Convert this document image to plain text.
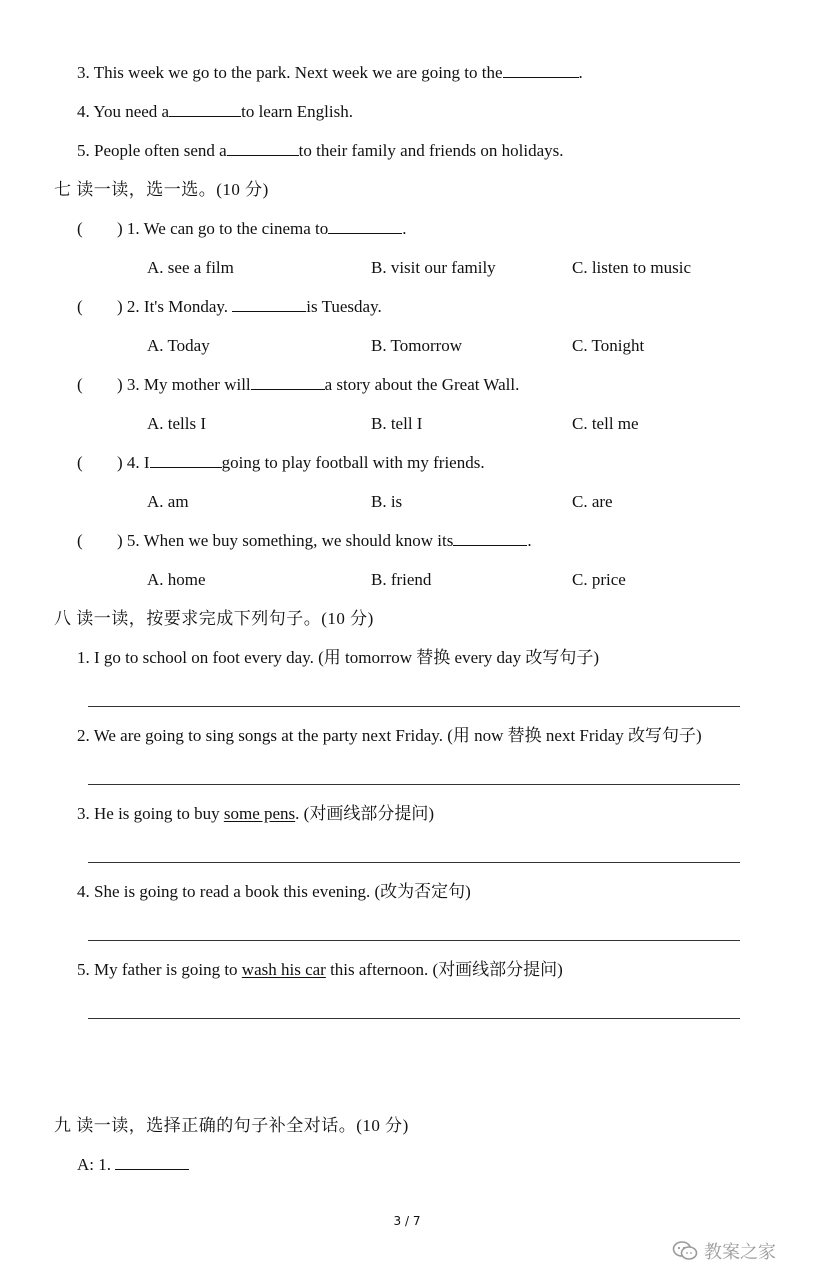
3. This week we go to the park. Next week we are going to the	.
4. You need a	to learn English.
5. People often send a	to their family and friends on holidays.
七 读一读，选一选。(10 分)
( ) 1. We can go to the cinema to	.
A. see a film	B. visit our family	C. listen to music
( ) 2. It's Monday.	is Tuesday.
A. Today	B. Tomorrow	C. Tonight
( ) 3. My mother will	a story about the Great Wall.
A. tells I	B. tell I	C. tell me
( ) 4. I	going to play football with my friends.
A. am	B. is	C. are
( ) 5. When we buy something, we should know its	.
A. home	B. friend	C. price
八 读一读，按要求完成下列句子。(10 分)
1. I go to school on foot every day. (用 tomorrow 替换 every day 改写句子)
2. We are going to sing songs at the party next Friday. (用 now 替换 next Friday 改写句子)
3. He is going to buy some pens. (对画线部分提问)
4. She is going to read a book this evening. (改为否定句)
5. My father is going to wash his car this afternoon. (对画线部分提问)
九 读一读，选择正确的句子补全对话。(10 分)
A: 1.
3 / 7
教案之家
